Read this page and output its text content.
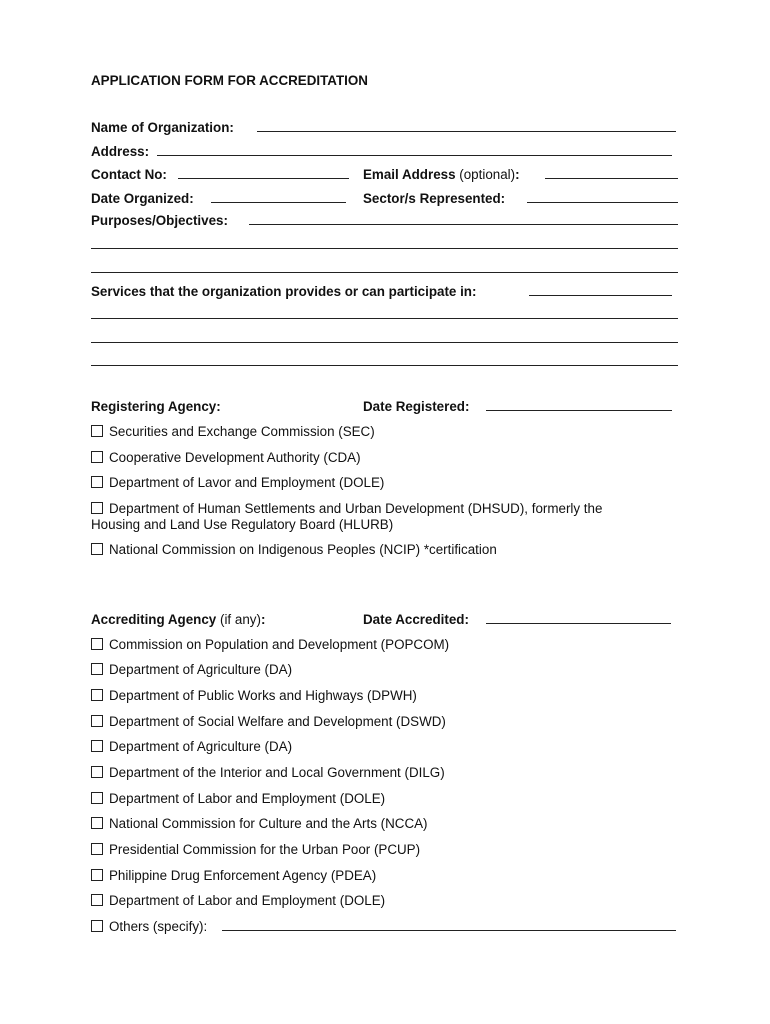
APPLICATION FORM FOR ACCREDITATION
Name of Organization:
Address:
Contact No:	Email Address (optional):
Date Organized:	Sector/s Represented:
Purposes/Objectives:
Services that the organization provides or can participate in:
Registering Agency:	Date Registered:
Securities and Exchange Commission (SEC)
Cooperative Development Authority (CDA)
Department of Lavor and Employment (DOLE)
Department of Human Settlements and Urban Development (DHSUD), formerly the
Housing and Land Use Regulatory Board (HLURB)
National Commission on Indigenous Peoples (NCIP) *certification
Accrediting Agency (if any):	Date Accredited:
Commission on Population and Development (POPCOM)
Department of Agriculture (DA)
Department of Public Works and Highways (DPWH)
Department of Social Welfare and Development (DSWD)
Department of Agriculture (DA)
Department of the Interior and Local Government (DILG)
Department of Labor and Employment (DOLE)
National Commission for Culture and the Arts (NCCA)
Presidential Commission for the Urban Poor (PCUP)
Philippine Drug Enforcement Agency (PDEA)
Department of Labor and Employment (DOLE)
Others (specify):
